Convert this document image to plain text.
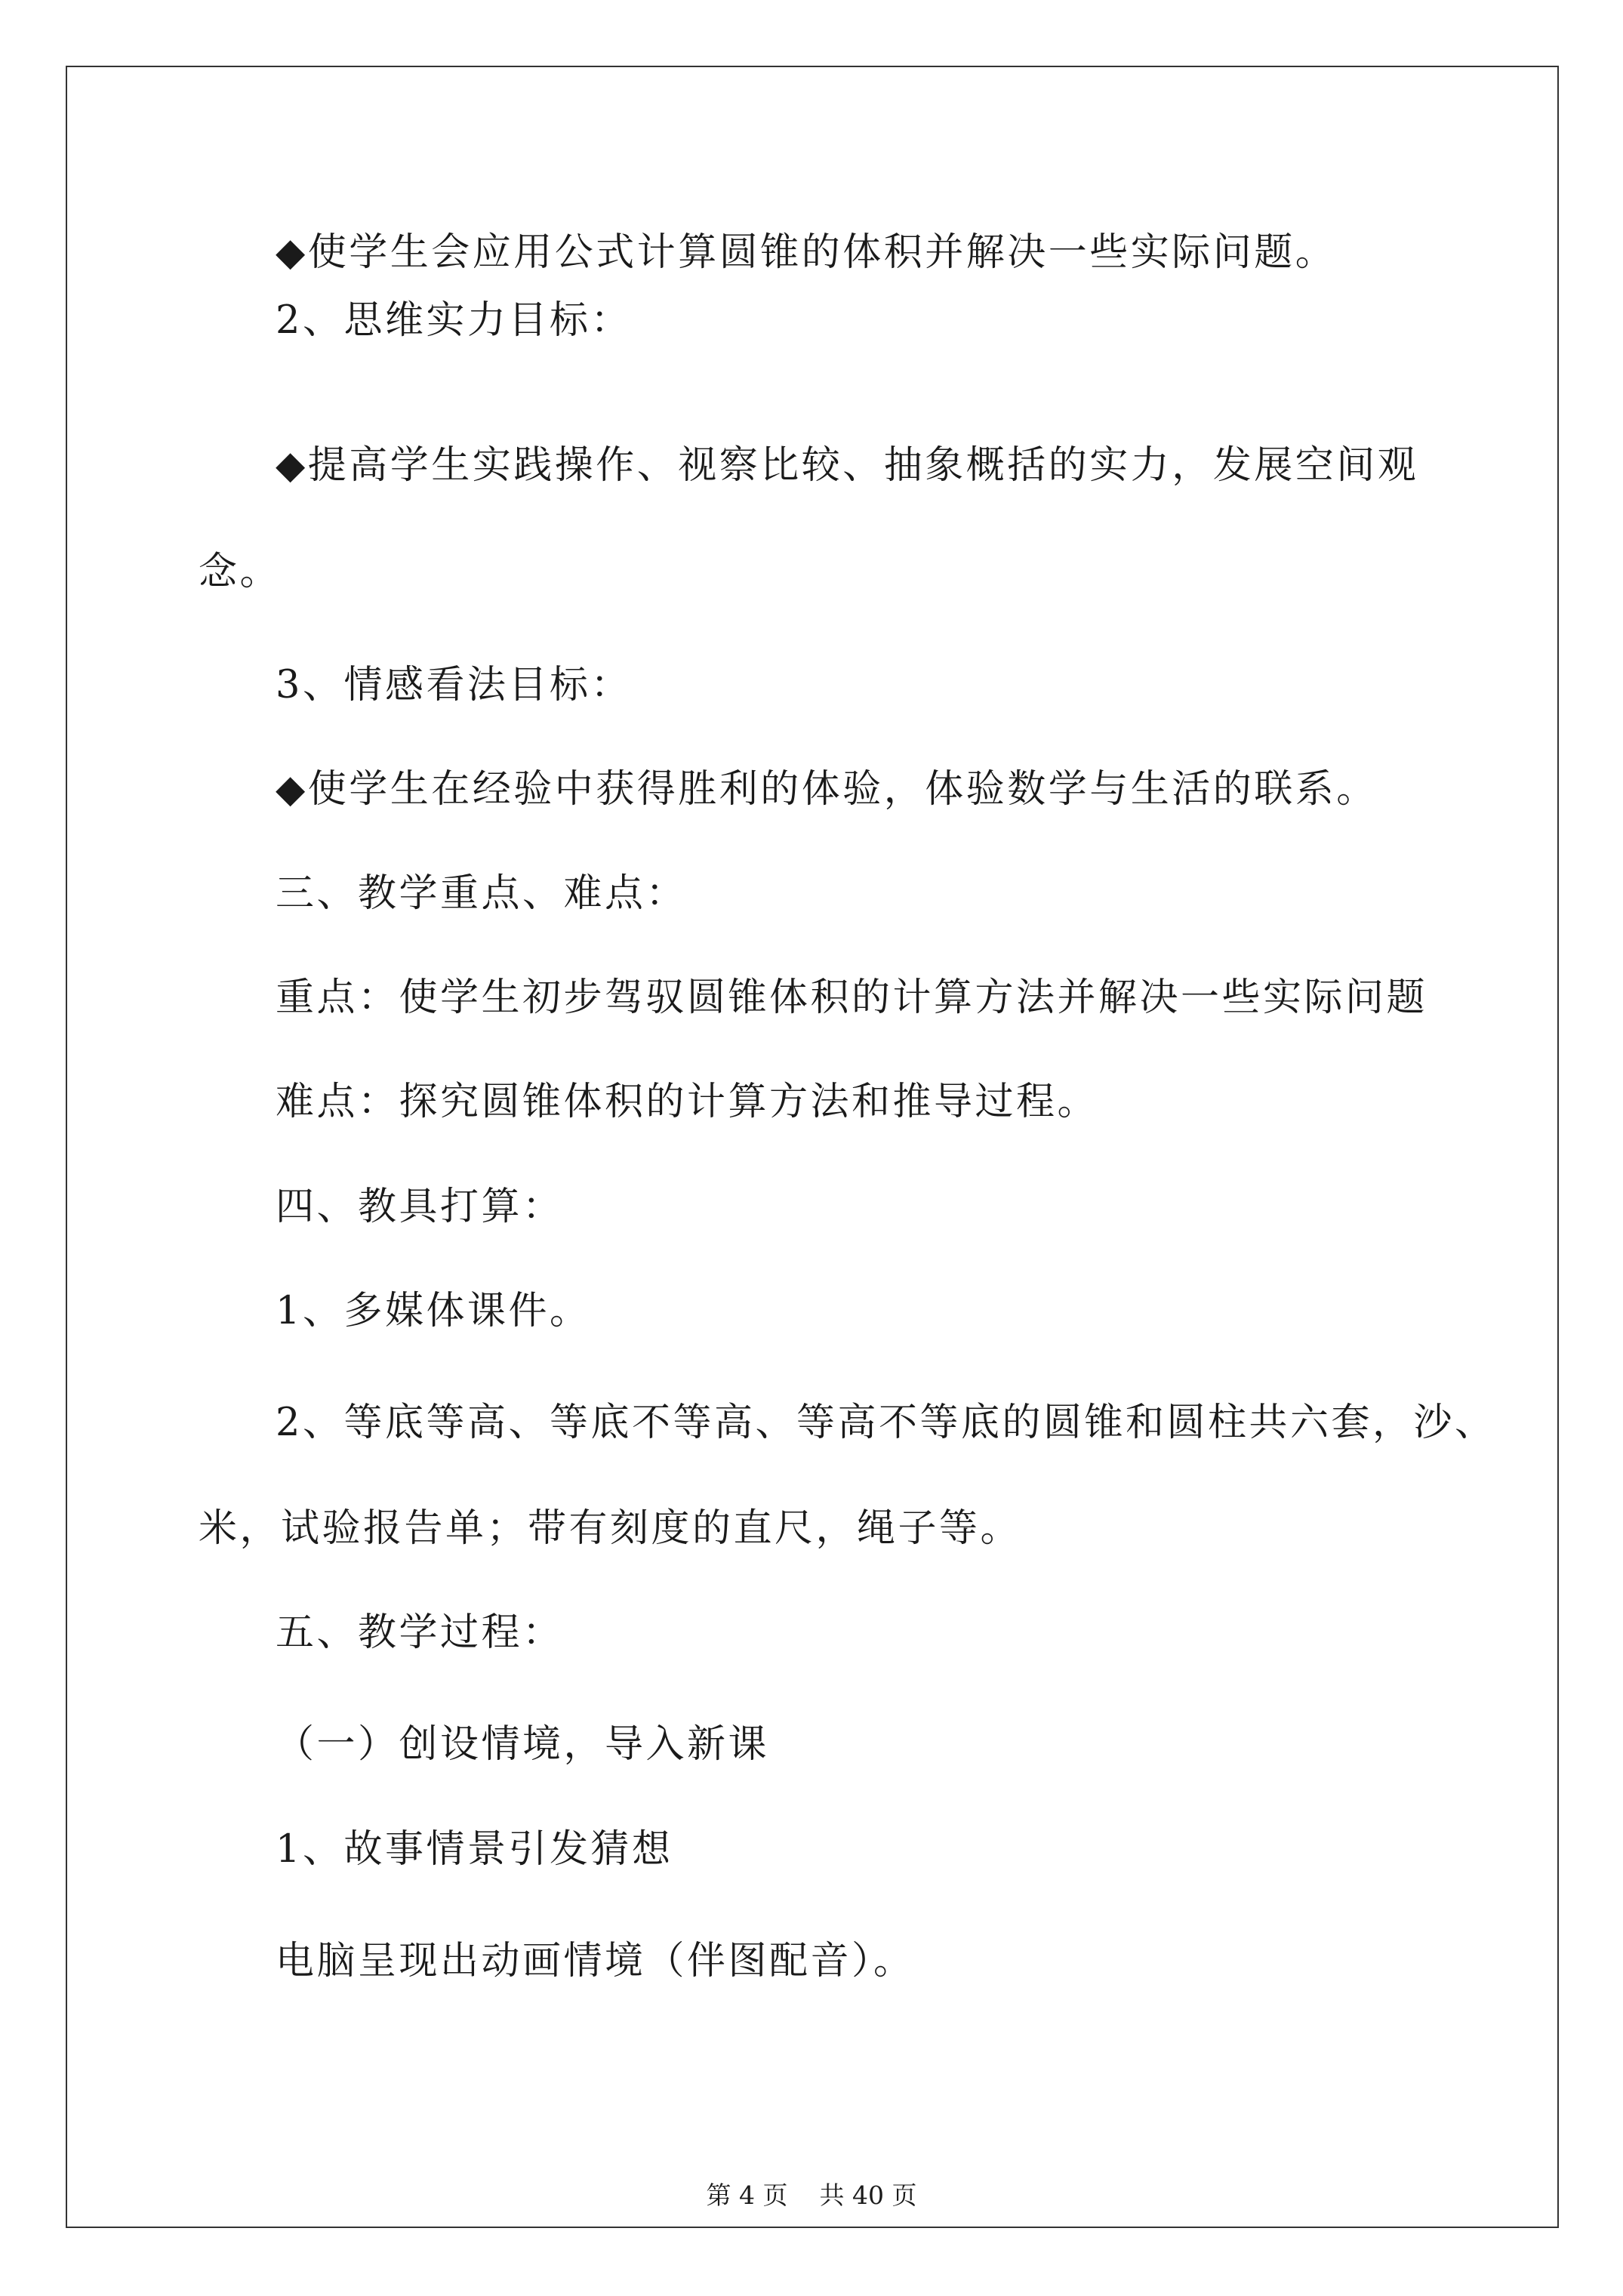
◆使学生会应用公式计算圆锥的体积并解决一些实际问题。
2、思维实力目标：
◆提高学生实践操作、视察比较、抽象概括的实力，发展空间观
念。
3、情感看法目标：
◆使学生在经验中获得胜利的体验，体验数学与生活的联系。
三、教学重点、难点：
重点：使学生初步驾驭圆锥体积的计算方法并解决一些实际问题
难点：探究圆锥体积的计算方法和推导过程。
四、教具打算：
1、多媒体课件。
2、等底等高、等底不等高、等高不等底的圆锥和圆柱共六套，沙、
米，试验报告单；带有刻度的直尺，绳子等。
五、教学过程：
（一）创设情境，导入新课
1、故事情景引发猜想
电脑呈现出动画情境（伴图配音）。
第 4 页    共 40 页
